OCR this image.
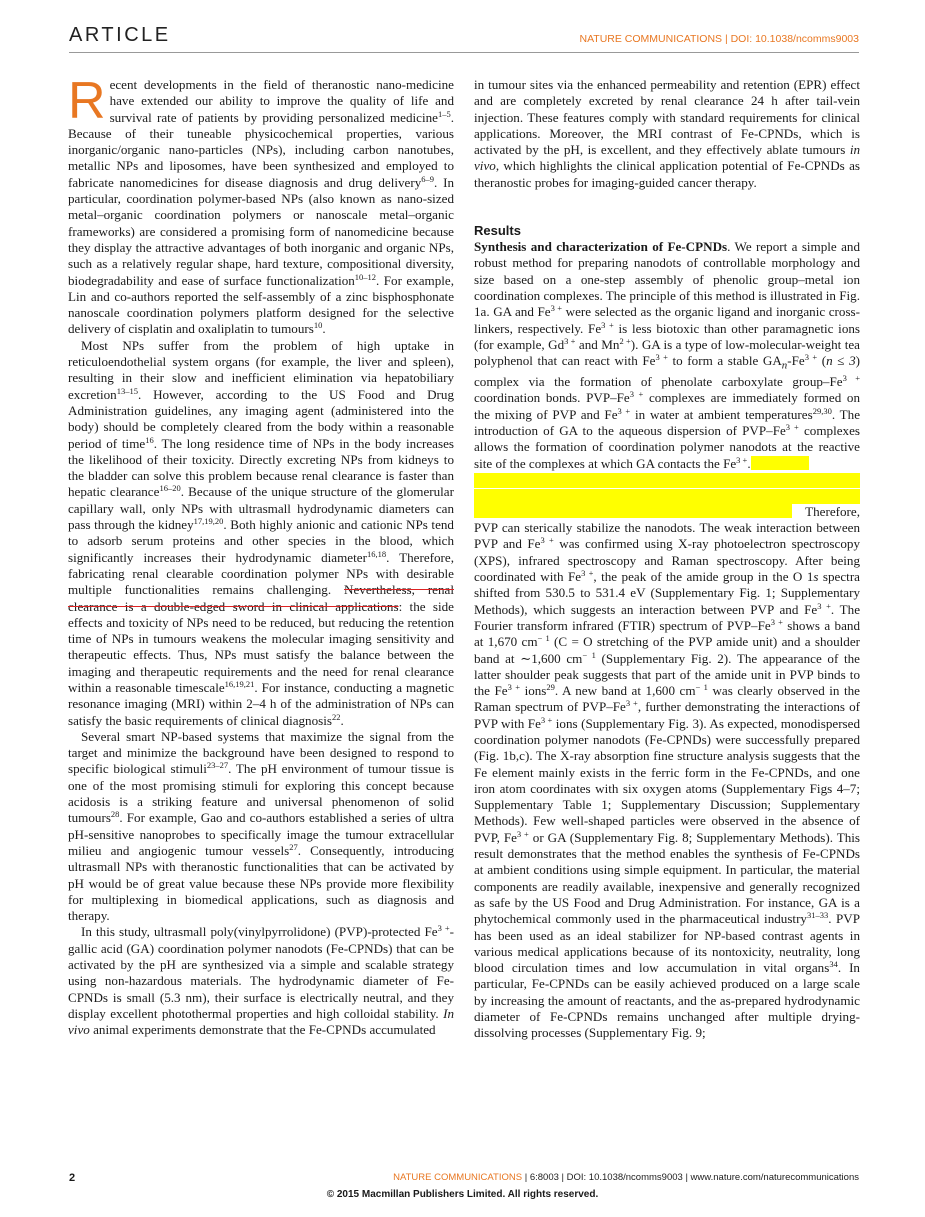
ARTICLE	NATURE COMMUNICATIONS | DOI: 10.1038/ncomms9003

Recent developments in the field of theranostic nano-medicine have extended our ability to improve the quality of life and survival rate of patients by providing personalized medicine$^{1-5}$. Because of their tuneable physicochemical properties, various inorganic/organic nano-particles (NPs), including carbon nanotubes, metallic NPs and liposomes, have been synthesized and employed to fabricate nanomedicines for disease diagnosis and drug delivery$^{6-9}$. In particular, coordination polymer-based NPs (also known as nano-sized metal–organic coordination polymers or nanoscale metal–organic frameworks) are considered a promising form of nanomedicine because they display the attractive advantages of both inorganic and organic NPs, such as a relatively regular shape, hard texture, compositional diversity, biodegradability and ease of surface functionalization$^{10-12}$. For example, Lin and co-authors reported the self-assembly of a zinc bisphosphonate nanoscale coordination polymers platform designed for the selective delivery of cisplatin and oxaliplatin to tumours$^{10}$.

Most NPs suffer from the problem of high uptake in reticuloendothelial system organs (for example, the liver and spleen), resulting in their slow and inefficient elimination via hepatobiliary excretion$^{13-15}$. However, according to the US Food and Drug Administration guidelines, any imaging agent (administered into the body) should be completely cleared from the body within a reasonable period of time$^{16}$. The long residence time of NPs in the body increases the likelihood of their toxicity. Directly excreting NPs from kidneys to the bladder can solve this problem because renal clearance is faster than hepatic clearance$^{16-20}$. Because of the unique structure of the glomerular capillary wall, only NPs with ultrasmall hydrodynamic diameters can pass through the kidney$^{17,19,20}$. Both highly anionic and cationic NPs tend to adsorb serum proteins and other species in the blood, which significantly increases their hydrodynamic diameter$^{16,18}$. Therefore, fabricating renal clearable coordination polymer NPs with desirable multiple functionalities remains challenging. Nevertheless, renal clearance is a double-edged sword in clinical applications: the side effects and toxicity of NPs need to be reduced, but reducing the retention time of NPs in tumours weakens the molecular imaging sensitivity and therapeutic effects. Thus, NPs must satisfy the balance between the imaging and therapeutic requirements and the need for renal clearance within a reasonable timescale$^{16,19,21}$. For instance, conducting a magnetic resonance imaging (MRI) within 2–4 h of the administration of NPs can satisfy the basic requirements of clinical diagnosis$^{22}$.

Several smart NP-based systems that maximize the signal from the target and minimize the background have been designed to respond to specific biological stimuli$^{23-27}$. The pH environment of tumour tissue is one of the most promising stimuli for exploring this concept because acidosis is a striking feature and universal phenomenon of solid tumours$^{28}$. For example, Gao and co-authors established a series of ultra pH-sensitive nanoprobes to specifically image the tumour extracellular milieu and angiogenic tumour vessels$^{27}$. Consequently, introducing ultrasmall NPs with theranostic functionalities that can be activated by pH would be of great value because these NPs provide more flexibility for multiplexing in biomedical applications, such as diagnosis and therapy.

In this study, ultrasmall poly(vinylpyrrolidone) (PVP)-protected $Fe^{3 +}$-gallic acid (GA) coordination polymer nanodots (Fe-CPNDs) that can be activated by the pH are synthesized via a simple and scalable strategy using non-hazardous materials. The hydrodynamic diameter of Fe-CPNDs is small (5.3 nm), their surface is electrically neutral, and they display excellent photothermal properties and high colloidal stability. In vivo animal experiments demonstrate that the Fe-CPNDs accumulated

in tumour sites via the enhanced permeability and retention (EPR) effect and are completely excreted by renal clearance 24 h after tail-vein injection. These features comply with standard requirements for clinical applications. Moreover, the MRI contrast of Fe-CPNDs, which is activated by the pH, is excellent, and they effectively ablate tumours in vivo, which highlights the clinical application potential of Fe-CPNDs as theranostic probes for imaging-guided cancer therapy.

Results

Synthesis and characterization of Fe-CPNDs. We report a simple and robust method for preparing nanodots of controllable morphology and size based on a one-step assembly of phenolic group–metal ion coordination complexes. The principle of this method is illustrated in Fig. 1a. GA and $Fe^{3 +}$ were selected as the organic ligand and inorganic cross-linkers, respectively. $Fe^{3 +}$ is less biotoxic than other paramagnetic ions (for example, $Gd^{3 +}$ and $Mn^{2 +}$). GA is a type of low-molecular-weight tea polyphenol that can react with $Fe^{3 +}$ to form a stable $GA_n-Fe^{3 +}$ (n ≤ 3) complex via the formation of phenolate carboxylate group–$Fe^{3 +}$ coordination bonds. PVP–$Fe^{3 +}$ complexes are immediately formed on the mixing of PVP and $Fe^{3 +}$ in water at ambient temperatures$^{29,30}$. The introduction of GA to the aqueous dispersion of PVP–$Fe^{3 +}$ complexes allows the formation of coordination polymer nanodots at the reactive site of the complexes at which GA contacts the $Fe^{3 +}$.
Therefore, PVP can sterically stabilize the nanodots. The weak interaction between PVP and $Fe^{3 +}$ was confirmed using X-ray photoelectron spectroscopy (XPS), infrared spectroscopy and Raman spectroscopy. After being coordinated with $Fe^{3 +}$, the peak of the amide group in the O 1s spectra shifted from 530.5 to 531.4 eV (Supplementary Fig. 1; Supplementary Methods), which suggests an interaction between PVP and $Fe^{3 +}$. The Fourier transform infrared (FTIR) spectrum of PVP–$Fe^{3 +}$ shows a band at 1,670 $cm^{- 1}$ (C = O stretching of the PVP amide unit) and a shoulder band at ∼1,600 $cm^{- 1}$ (Supplementary Fig. 2). The appearance of the latter shoulder peak suggests that part of the amide unit in PVP binds to the $Fe^{3 +}$ ions$^{29}$. A new band at 1,600 $cm^{- 1}$ was clearly observed in the Raman spectrum of PVP–$Fe^{3 +}$, further demonstrating the interactions of PVP with $Fe^{3 +}$ ions (Supplementary Fig. 3). As expected, monodispersed coordination polymer nanodots (Fe-CPNDs) were successfully prepared (Fig. 1b,c). The X-ray absorption fine structure analysis suggests that the Fe element mainly exists in the ferric form in the Fe-CPNDs, and one iron atom coordinates with six oxygen atoms (Supplementary Figs 4–7; Supplementary Table 1; Supplementary Discussion; Supplementary Methods). Few well-shaped particles were observed in the absence of PVP, $Fe^{3 +}$ or GA (Supplementary Fig. 8; Supplementary Methods). This result demonstrates that the method enables the synthesis of Fe-CPNDs at ambient conditions using simple equipment. In particular, the material components are readily available, inexpensive and generally recognized as safe by the US Food and Drug Administration. For instance, GA is a phytochemical commonly used in the pharmaceutical industry$^{31-33}$. PVP has been used as an ideal stabilizer for NP-based contrast agents in various medical applications because of its nontoxicity, neutrality, long blood circulation times and low accumulation in vital organs$^{34}$. In particular, Fe-CPNDs can be easily achieved produced on a large scale by increasing the amount of reactants, and the as-prepared hydrodynamic diameter of Fe-CPNDs remains unchanged after multiple drying-dissolving processes (Supplementary Fig. 9;

2	NATURE COMMUNICATIONS | 6:8003 | DOI: 10.1038/ncomms9003 | www.nature.com/naturecommunications
© 2015 Macmillan Publishers Limited. All rights reserved.
